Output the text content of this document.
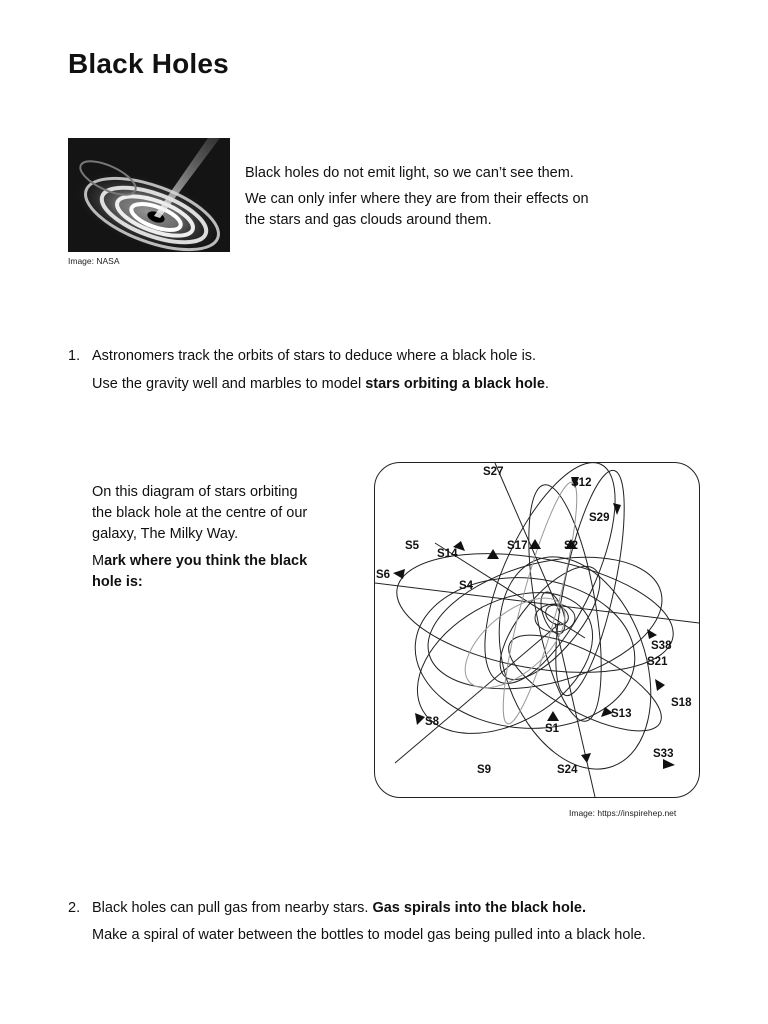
Black Holes
Image: NASA
Black holes do not emit light, so we can’t see them.
We can only infer where they are from their effects on
the stars and gas clouds around them.
1. Astronomers track the orbits of stars to deduce where a black hole is.
Use the gravity well and marbles to model stars orbiting a black hole.
On this diagram of stars orbiting
the black hole at the centre of our
galaxy, The Milky Way.
Mark where you think the black
hole is:
S27
S12
S29
S5
S14
S17	S2
S6
S4
S38
S21
S18
S8
S1
S13
S33
S9	S24
Image: https://inspirehep.net
2. Black holes can pull gas from nearby stars. Gas spirals into the black hole.
Make a spiral of water between the bottles to model gas being pulled into a black hole.
